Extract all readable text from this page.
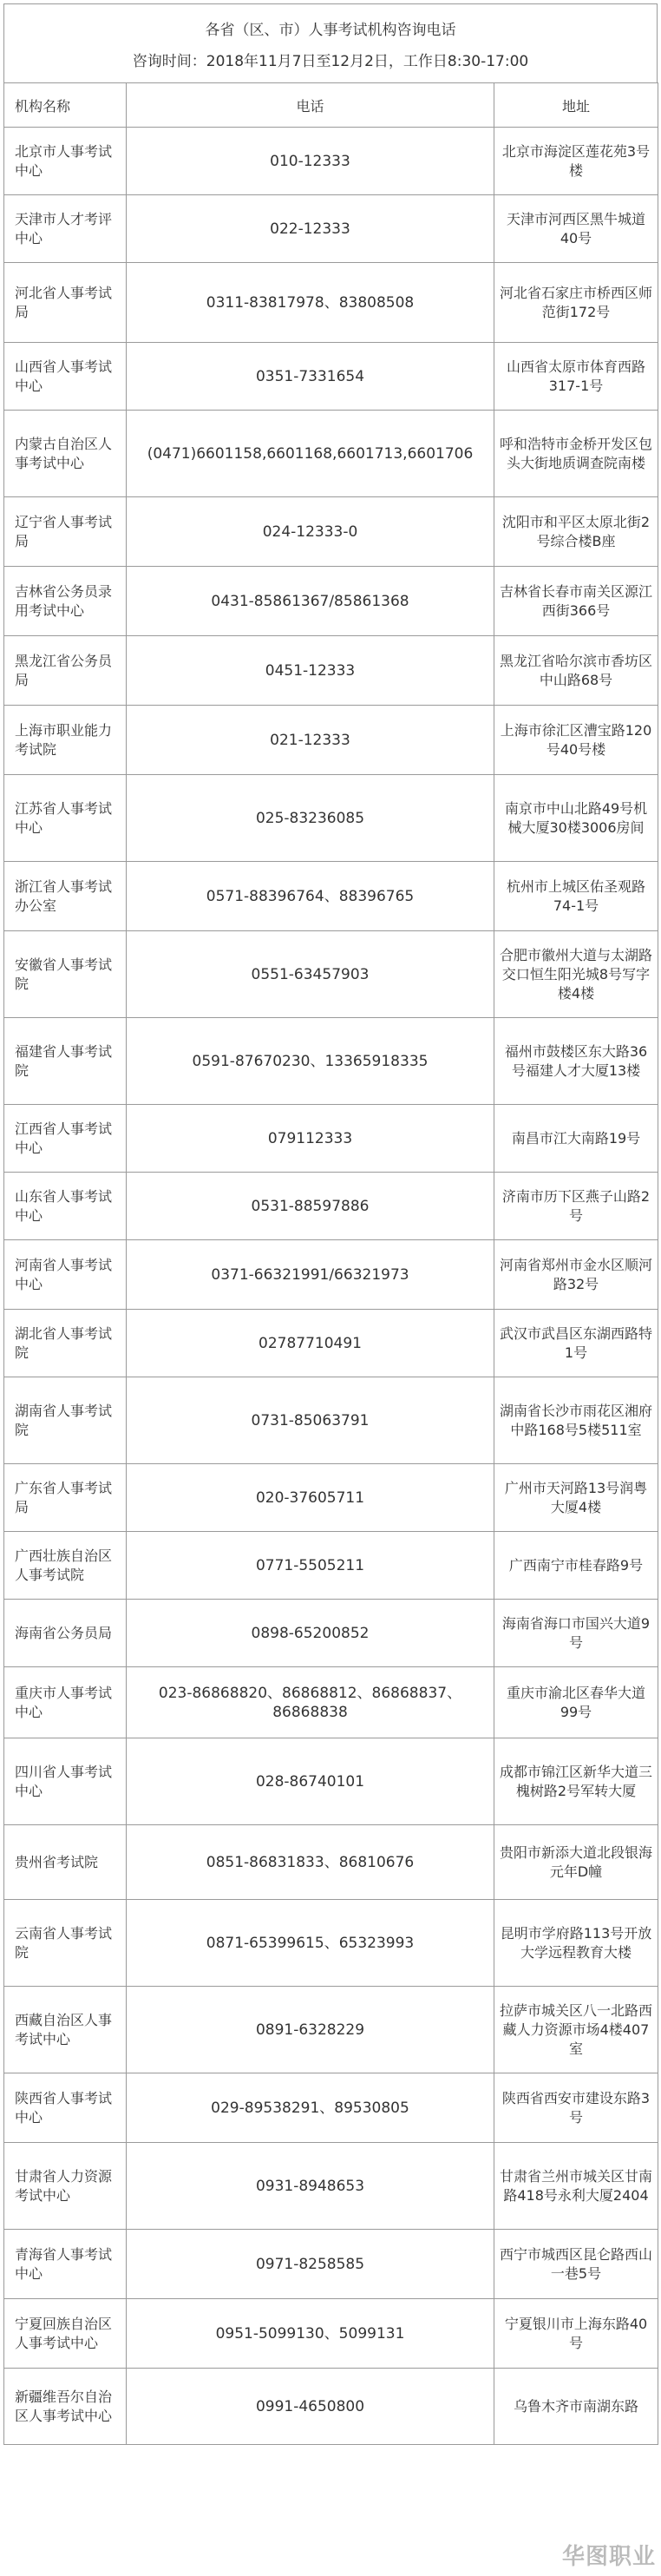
各省（区、市）人事考试机构咨询电话
咨询时间：2018年11月7日至12月2日，工作日8:30-17:00
机构名称	电话	地址
北京市人事考试中心	010-12333	北京市海淀区莲花苑3号楼
天津市人才考评中心	022-12333	天津市河西区黑牛城道40号
河北省人事考试局	0311-83817978、83808508	河北省石家庄市桥西区师范街172号
山西省人事考试中心	0351-7331654	山西省太原市体育西路317-1号
内蒙古自治区人事考试中心	(0471)6601158,6601168,6601713,6601706	呼和浩特市金桥开发区包头大街地质调查院南楼
辽宁省人事考试局	024-12333-0	沈阳市和平区太原北街2号综合楼B座
吉林省公务员录用考试中心	0431-85861367/85861368	吉林省长春市南关区源江西街366号
黑龙江省公务员局	0451-12333	黑龙江省哈尔滨市香坊区中山路68号
上海市职业能力考试院	021-12333	上海市徐汇区漕宝路120号40号楼
江苏省人事考试中心	025-83236085	南京市中山北路49号机械大厦30楼3006房间
浙江省人事考试办公室	0571-88396764、88396765	杭州市上城区佑圣观路74-1号
安徽省人事考试院	0551-63457903	合肥市徽州大道与太湖路交口恒生阳光城8号写字楼4楼
福建省人事考试院	0591-87670230、13365918335	福州市鼓楼区东大路36号福建人才大厦13楼
江西省人事考试中心	079112333	南昌市江大南路19号
山东省人事考试中心	0531-88597886	济南市历下区燕子山路2号
河南省人事考试中心	0371-66321991/66321973	河南省郑州市金水区顺河路32号
湖北省人事考试院	02787710491	武汉市武昌区东湖西路特1号
湖南省人事考试院	0731-85063791	湖南省长沙市雨花区湘府中路168号5楼511室
广东省人事考试局	020-37605711	广州市天河路13号润粤大厦4楼
广西壮族自治区人事考试院	0771-5505211	广西南宁市桂春路9号
海南省公务员局	0898-65200852	海南省海口市国兴大道9号
重庆市人事考试中心	023-86868820、86868812、86868837、86868838	重庆市渝北区春华大道99号
四川省人事考试中心	028-86740101	成都市锦江区新华大道三槐树路2号军转大厦
贵州省考试院	0851-86831833、86810676	贵阳市新添大道北段银海元年D幢
云南省人事考试院	0871-65399615、65323993	昆明市学府路113号开放大学远程教育大楼
西藏自治区人事考试中心	0891-6328229	拉萨市城关区八一北路西藏人力资源市场4楼407室
陕西省人事考试中心	029-89538291、89530805	陕西省西安市建设东路3号
甘肃省人力资源考试中心	0931-8948653	甘肃省兰州市城关区甘南路418号永利大厦2404
青海省人事考试中心	0971-8258585	西宁市城西区昆仑路西山一巷5号
宁夏回族自治区人事考试中心	0951-5099130、5099131	宁夏银川市上海东路40号
新疆维吾尔自治区人事考试中心	0991-4650800	乌鲁木齐市南湖东路
华图职业
